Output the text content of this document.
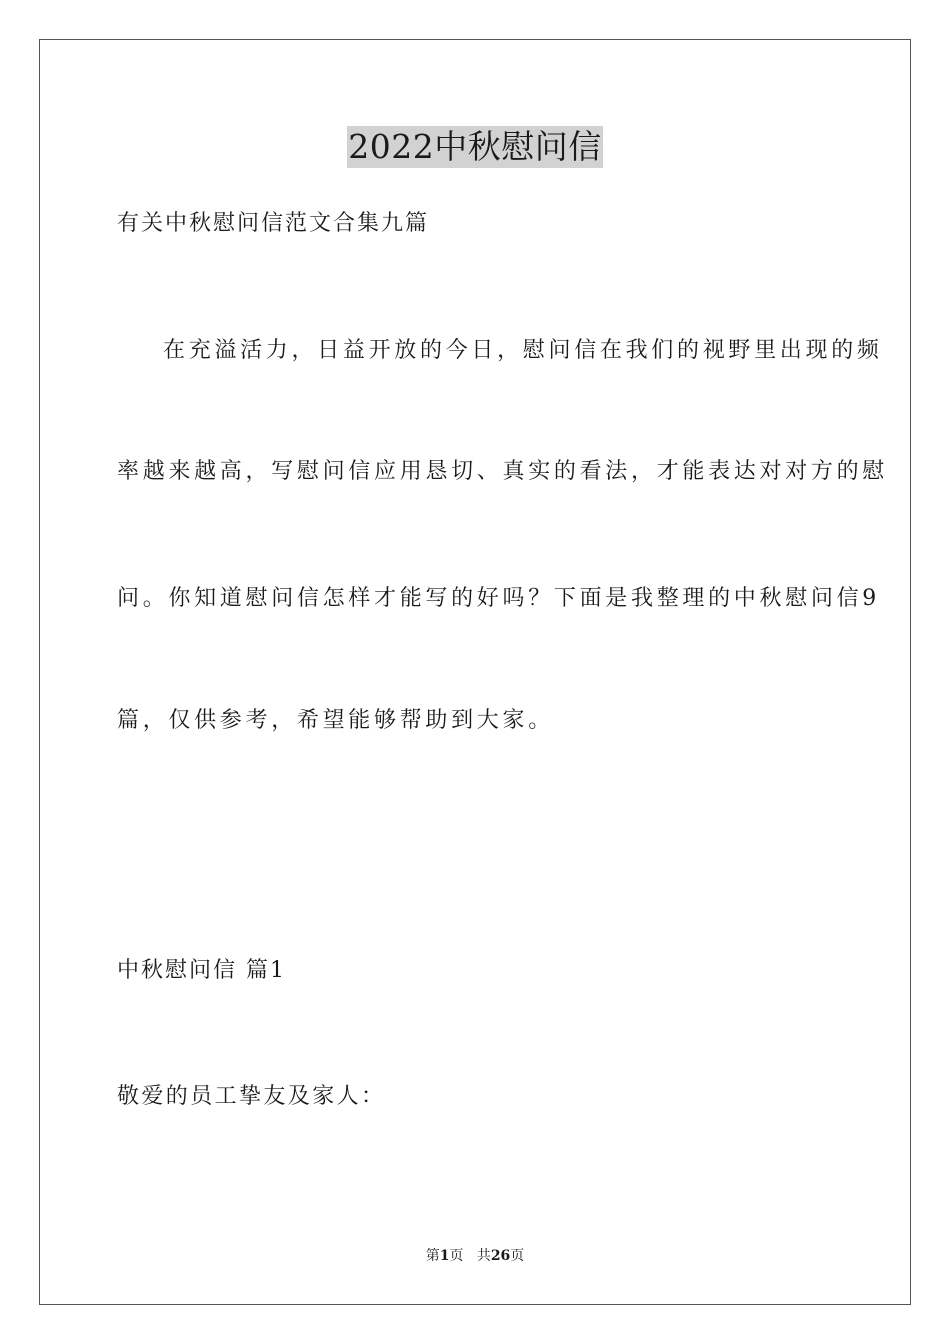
2022中秋慰问信
有关中秋慰问信范文合集九篇
在充溢活力，日益开放的今日，慰问信在我们的视野里出现的频
率越来越高，写慰问信应用恳切、真实的看法，才能表达对对方的慰
问。你知道慰问信怎样才能写的好吗？下面是我整理的中秋慰问信9
篇，仅供参考，希望能够帮助到大家。
中秋慰问信 篇1
敬爱的员工挚友及家人：
第1页 共26页
